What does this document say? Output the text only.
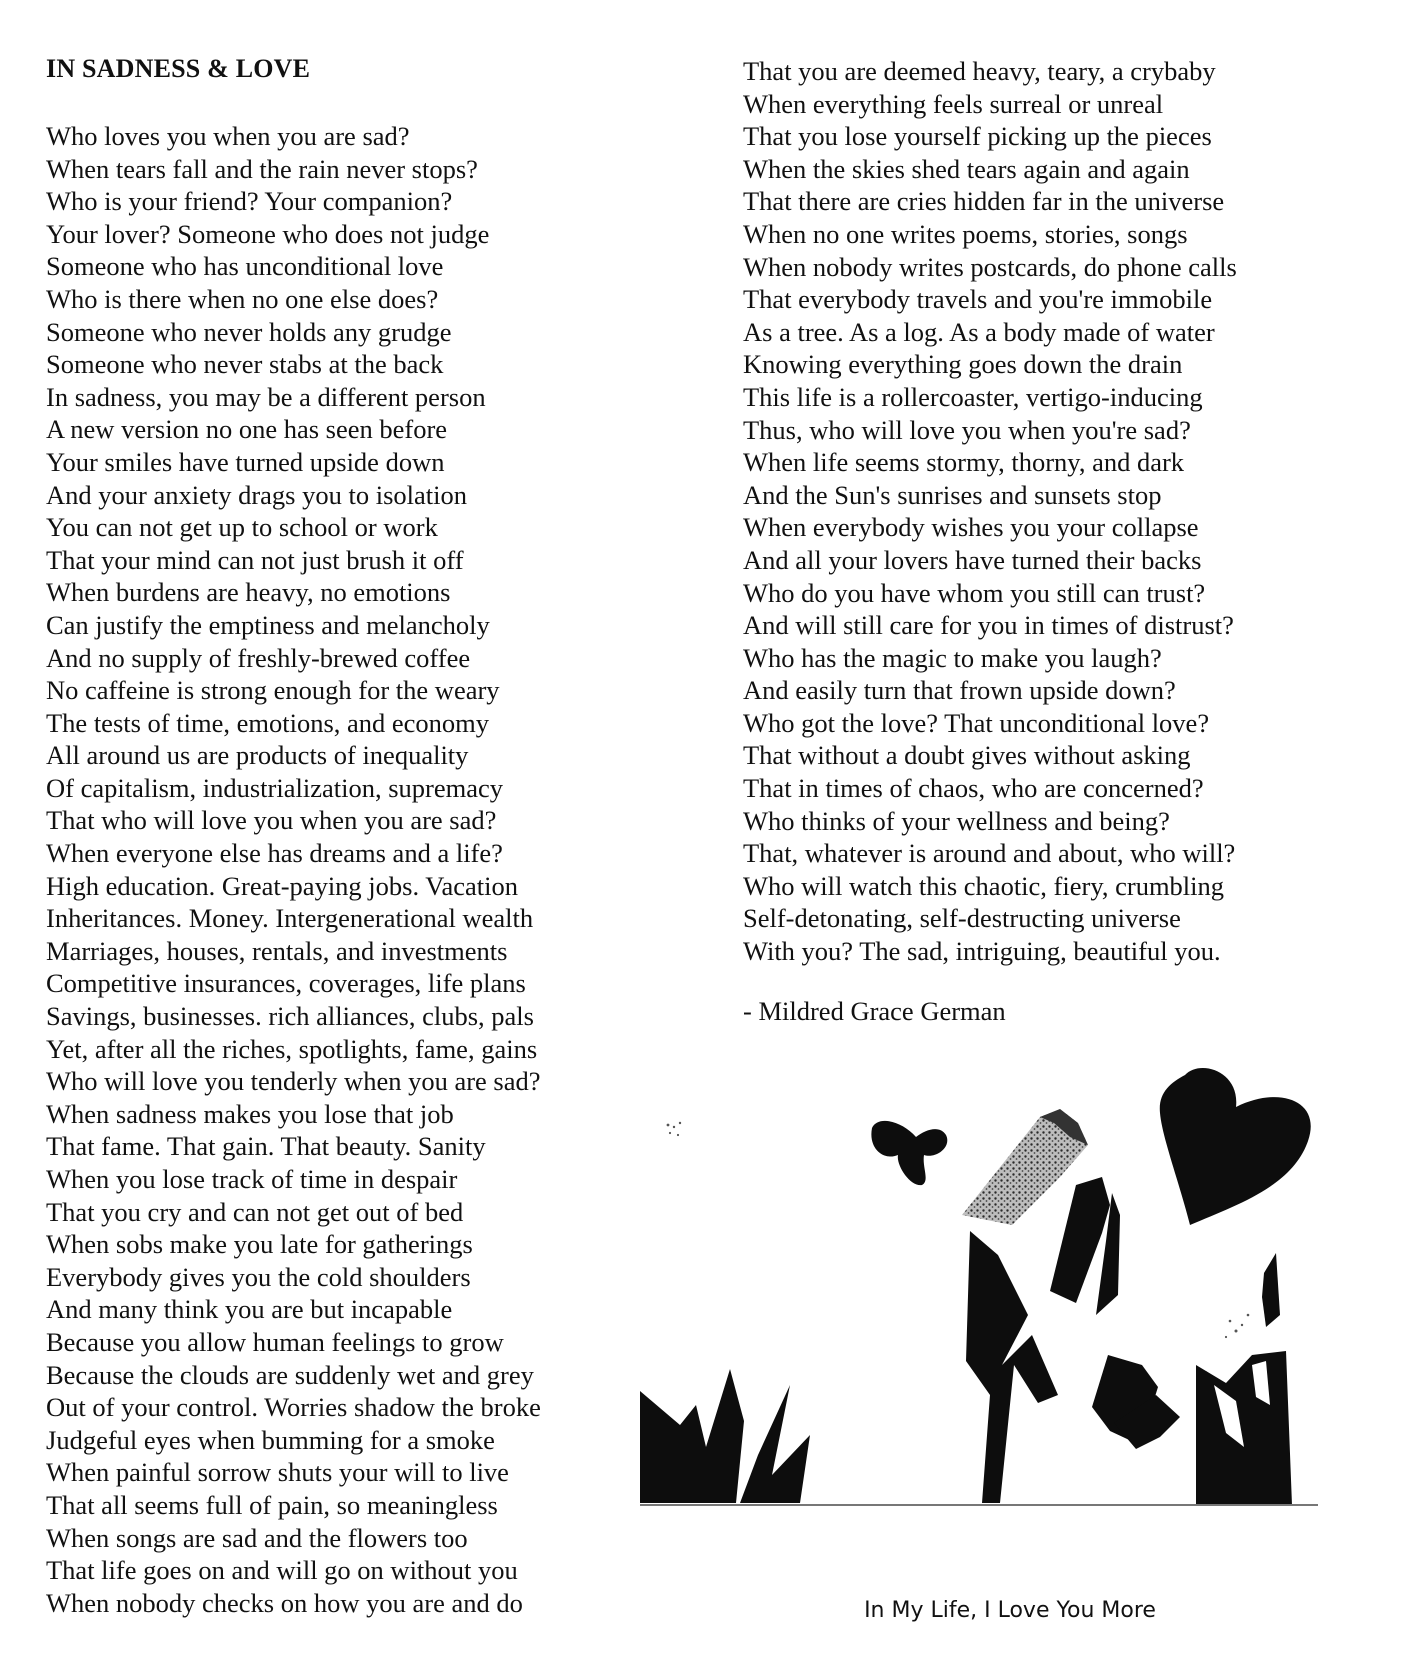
IN SADNESS & LOVE
Who loves you when you are sad?
When tears fall and the rain never stops?
Who is your friend? Your companion?
Your lover? Someone who does not judge
Someone who has unconditional love
Who is there when no one else does?
Someone who never holds any grudge
Someone who never stabs at the back
In sadness, you may be a different person
A new version no one has seen before
Your smiles have turned upside down
And your anxiety drags you to isolation
You can not get up to school or work
That your mind can not just brush it off
When burdens are heavy, no emotions
Can justify the emptiness and melancholy
And no supply of freshly-brewed coffee
No caffeine is strong enough for the weary
The tests of time, emotions, and economy
All around us are products of inequality
Of capitalism, industrialization, supremacy
That who will love you when you are sad?
When everyone else has dreams and a life?
High education. Great-paying jobs. Vacation
Inheritances. Money. Intergenerational wealth
Marriages, houses, rentals, and investments
Competitive insurances, coverages, life plans
Savings, businesses. rich alliances, clubs, pals
Yet, after all the riches, spotlights, fame, gains
Who will love you tenderly when you are sad?
When sadness makes you lose that job
That fame. That gain. That beauty. Sanity
When you lose track of time in despair
That you cry and can not get out of bed
When sobs make you late for gatherings
Everybody gives you the cold shoulders
And many think you are but incapable
Because you allow human feelings to grow
Because the clouds are suddenly wet and grey
Out of your control. Worries shadow the broke
Judgeful eyes when bumming for a smoke
When painful sorrow shuts your will to live
That all seems full of pain, so meaningless
When songs are sad and the flowers too
That life goes on and will go on without you
When nobody checks on how you are and do
That you are deemed heavy, teary, a crybaby
When everything feels surreal or unreal
That you lose yourself picking up the pieces
When the skies shed tears again and again
That there are cries hidden far in the universe
When no one writes poems, stories, songs
When nobody writes postcards, do phone calls
That everybody travels and you're immobile
As a tree. As a log. As a body made of water
Knowing everything goes down the drain
This life is a rollercoaster, vertigo-inducing
Thus, who will love you when you're sad?
When life seems stormy, thorny, and dark
And the Sun's sunrises and sunsets stop
When everybody wishes you your collapse
And all your lovers have turned their backs
Who do you have whom you still can trust?
And will still care for you in times of distrust?
Who has the magic to make you laugh?
And easily turn that frown upside down?
Who got the love? That unconditional love?
That without a doubt gives without asking
That in times of chaos, who are concerned?
Who thinks of your wellness and being?
That, whatever is around and about, who will?
Who will watch this chaotic, fiery, crumbling
Self-detonating, self-destructing universe
With you? The sad, intriguing, beautiful you.
- Mildred Grace German
In My Life, I Love You More
